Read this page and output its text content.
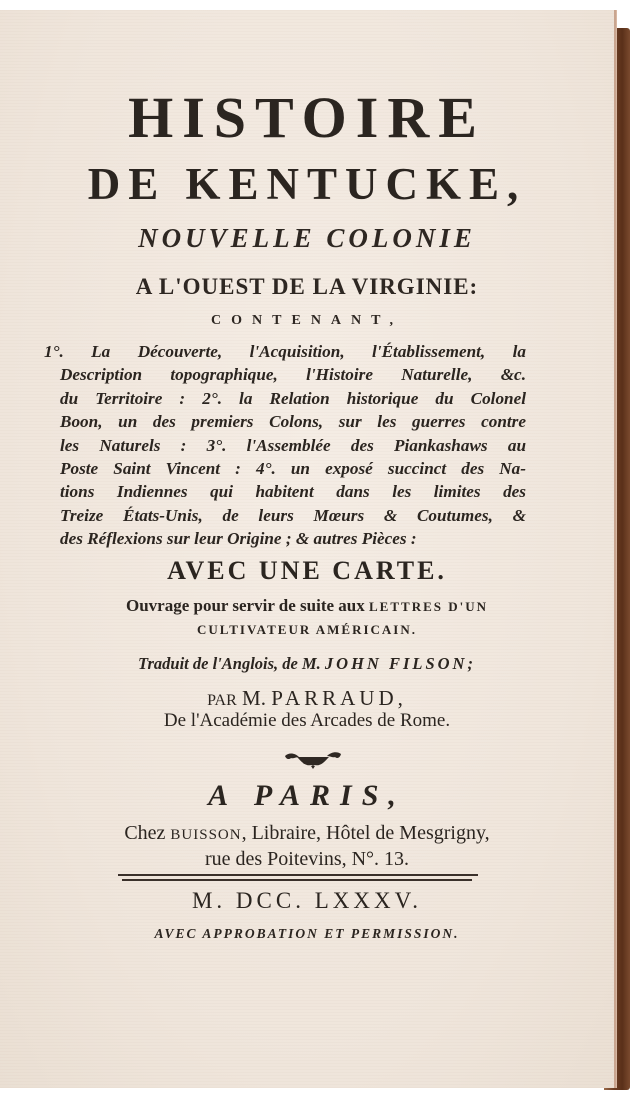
HISTOIRE
DE KENTUCKE,
NOUVELLE COLONIE
A L'OUEST DE LA VIRGINIE:
CONTENANT,
1°. La Découverte, l'Acquisition, l'Établissement, la
Description topographique, l'Histoire Naturelle, &c.
du Territoire : 2°. la Relation historique du Colonel
Boon, un des premiers Colons, sur les guerres contre
les Naturels : 3°. l'Assemblée des Piankashaws au
Poste Saint Vincent : 4°. un exposé succinct des Na-
tions Indiennes qui habitent dans les limites des
Treize États-Unis, de leurs Mœurs & Coutumes, &
des Réflexions sur leur Origine ; & autres Pièces :
AVEC UNE CARTE.
Ouvrage pour servir de suite aux LETTRES D'UN
CULTIVATEUR AMÉRICAIN.
Traduit de l'Anglois, de M. JOHN FILSON;
PAR M. PARRAUD,
De l'Académie des Arcades de Rome.
A PARIS,
Chez BUISSON, Libraire, Hôtel de Mesgrigny,
rue des Poitevins, N°. 13.
M. DCC. LXXXV.
AVEC APPROBATION ET PERMISSION.
